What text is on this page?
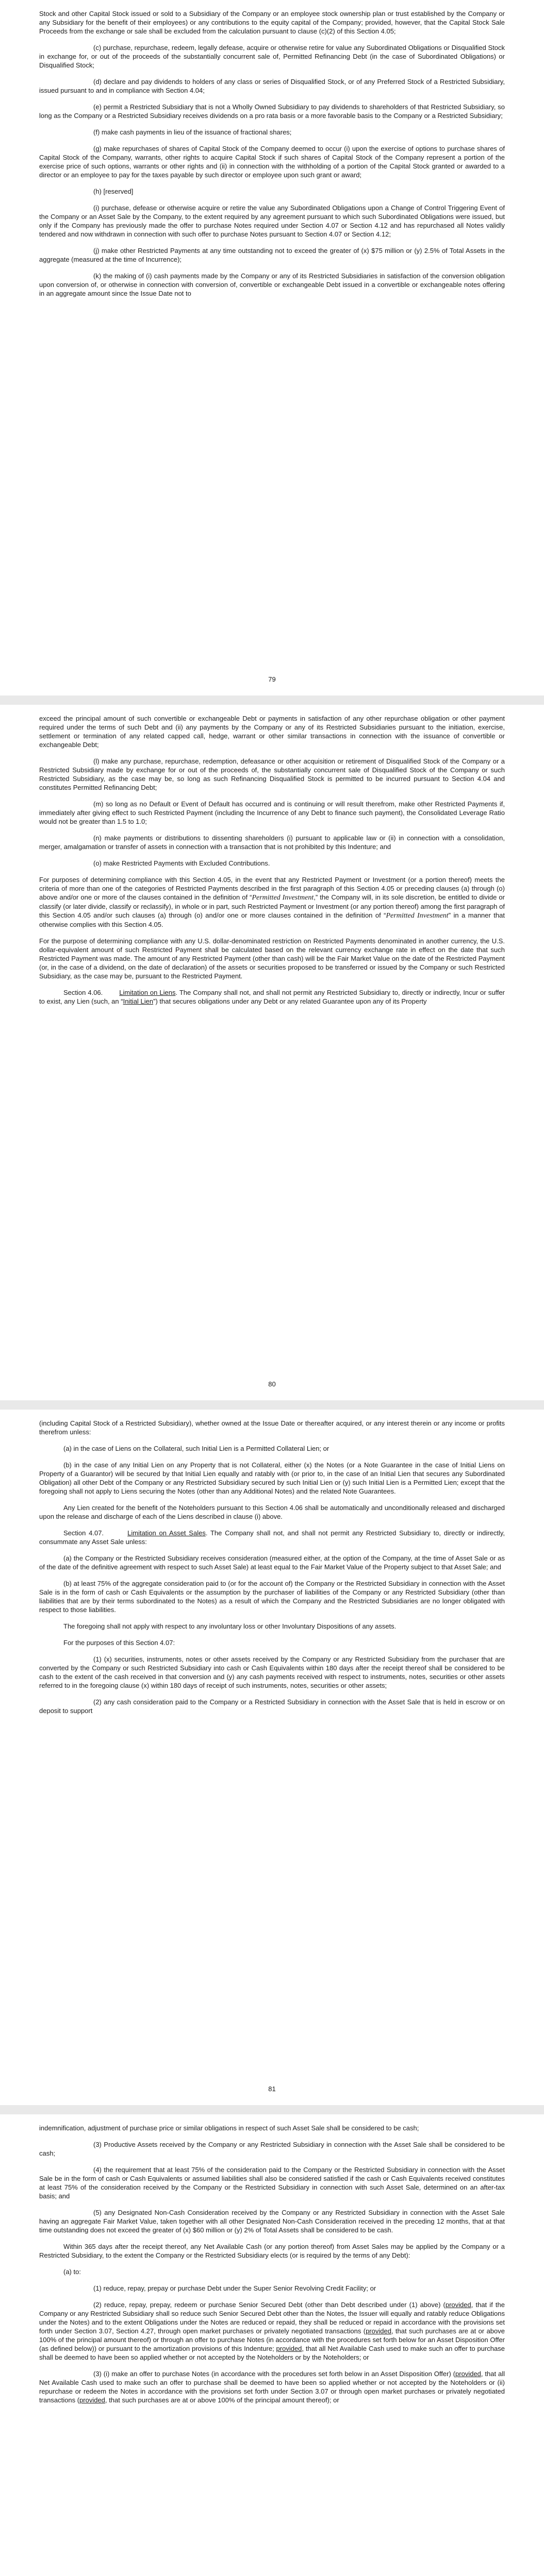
Stock and other Capital Stock issued or sold to a Subsidiary of the Company or an employee stock ownership plan or trust established by the Company or any Subsidiary for the benefit of their employees) or any contributions to the equity capital of the Company; provided, however, that the Capital Stock Sale Proceeds from the exchange or sale shall be excluded from the calculation pursuant to clause (c)(2) of this Section 4.05;

(c) purchase, repurchase, redeem, legally defease, acquire or otherwise retire for value any Subordinated Obligations or Disqualified Stock in exchange for, or out of the proceeds of the substantially concurrent sale of, Permitted Refinancing Debt (in the case of Subordinated Obligations) or Disqualified Stock;

(d) declare and pay dividends to holders of any class or series of Disqualified Stock, or of any Preferred Stock of a Restricted Subsidiary, issued pursuant to and in compliance with Section 4.04;

(e) permit a Restricted Subsidiary that is not a Wholly Owned Subsidiary to pay dividends to shareholders of that Restricted Subsidiary, so long as the Company or a Restricted Subsidiary receives dividends on a pro rata basis or a more favorable basis to the Company or a Restricted Subsidiary;

(f) make cash payments in lieu of the issuance of fractional shares;

(g) make repurchases of shares of Capital Stock of the Company deemed to occur (i) upon the exercise of options to purchase shares of Capital Stock of the Company, warrants, other rights to acquire Capital Stock if such shares of Capital Stock of the Company represent a portion of the exercise price of such options, warrants or other rights and (ii) in connection with the withholding of a portion of the Capital Stock granted or awarded to a director or an employee to pay for the taxes payable by such director or employee upon such grant or award;

(h) [reserved]

(i) purchase, defease or otherwise acquire or retire the value any Subordinated Obligations upon a Change of Control Triggering Event of the Company or an Asset Sale by the Company, to the extent required by any agreement pursuant to which such Subordinated Obligations were issued, but only if the Company has previously made the offer to purchase Notes required under Section 4.07 or Section 4.12 and has repurchased all Notes validly tendered and now withdrawn in connection with such offer to purchase Notes pursuant to Section 4.07 or Section 4.12;

(j) make other Restricted Payments at any time outstanding not to exceed the greater of (x) $75 million or (y) 2.5% of Total Assets in the aggregate (measured at the time of Incurrence);

(k) the making of (i) cash payments made by the Company or any of its Restricted Subsidiaries in satisfaction of the conversion obligation upon conversion of, or otherwise in connection with conversion of, convertible or exchangeable Debt issued in a convertible or exchangeable notes offering in an aggregate amount since the Issue Date not to

79

exceed the principal amount of such convertible or exchangeable Debt or payments in satisfaction of any other repurchase obligation or other payment required under the terms of such Debt and (ii) any payments by the Company or any of its Restricted Subsidiaries pursuant to the initiation, exercise, settlement or termination of any related capped call, hedge, warrant or other similar transactions in connection with the issuance of convertible or exchangeable Debt;

(l) make any purchase, repurchase, redemption, defeasance or other acquisition or retirement of Disqualified Stock of the Company or a Restricted Subsidiary made by exchange for or out of the proceeds of, the substantially concurrent sale of Disqualified Stock of the Company or such Restricted Subsidiary, as the case may be, so long as such Refinancing Disqualified Stock is permitted to be incurred pursuant to Section 4.04 and constitutes Permitted Refinancing Debt;

(m) so long as no Default or Event of Default has occurred and is continuing or will result therefrom, make other Restricted Payments if, immediately after giving effect to such Restricted Payment (including the Incurrence of any Debt to finance such payment), the Consolidated Leverage Ratio would not be greater than 1.5 to 1.0;

(n) make payments or distributions to dissenting shareholders (i) pursuant to applicable law or (ii) in connection with a consolidation, merger, amalgamation or transfer of assets in connection with a transaction that is not prohibited by this Indenture; and

(o) make Restricted Payments with Excluded Contributions.

For purposes of determining compliance with this Section 4.05, in the event that any Restricted Payment or Investment (or a portion thereof) meets the criteria of more than one of the categories of Restricted Payments described in the first paragraph of this Section 4.05 or preceding clauses (a) through (o) above and/or one or more of the clauses contained in the definition of “Permitted Investment,” the Company will, in its sole discretion, be entitled to divide or classify (or later divide, classify or reclassify), in whole or in part, such Restricted Payment or Investment (or any portion thereof) among the first paragraph of this Section 4.05 and/or such clauses (a) through (o) and/or one or more clauses contained in the definition of “Permitted Investment” in a manner that otherwise complies with this Section 4.05.

For the purpose of determining compliance with any U.S. dollar-denominated restriction on Restricted Payments denominated in another currency, the U.S. dollar-equivalent amount of such Restricted Payment shall be calculated based on the relevant currency exchange rate in effect on the date that such Restricted Payment was made. The amount of any Restricted Payment (other than cash) will be the Fair Market Value on the date of the Restricted Payment (or, in the case of a dividend, on the date of declaration) of the assets or securities proposed to be transferred or issued by the Company or such Restricted Subsidiary, as the case may be, pursuant to the Restricted Payment.

Section 4.06.        Limitation on Liens. The Company shall not, and shall not permit any Restricted Subsidiary to, directly or indirectly, Incur or suffer to exist, any Lien (such, an “Initial Lien”) that secures obligations under any Debt or any related Guarantee upon any of its Property

80

(including Capital Stock of a Restricted Subsidiary), whether owned at the Issue Date or thereafter acquired, or any interest therein or any income or profits therefrom unless:

(a) in the case of Liens on the Collateral, such Initial Lien is a Permitted Collateral Lien; or

(b) in the case of any Initial Lien on any Property that is not Collateral, either (x) the Notes (or a Note Guarantee in the case of Initial Liens on Property of a Guarantor) will be secured by that Initial Lien equally and ratably with (or prior to, in the case of an Initial Lien that secures any Subordinated Obligation) all other Debt of the Company or any Restricted Subsidiary secured by such Initial Lien or (y) such Initial Lien is a Permitted Lien; except that the foregoing shall not apply to Liens securing the Notes (other than any Additional Notes) and the related Note Guarantees.

Any Lien created for the benefit of the Noteholders pursuant to this Section 4.06 shall be automatically and unconditionally released and discharged upon the release and discharge of each of the Liens described in clause (i) above.

Section 4.07.        Limitation on Asset Sales. The Company shall not, and shall not permit any Restricted Subsidiary to, directly or indirectly, consummate any Asset Sale unless:

(a) the Company or the Restricted Subsidiary receives consideration (measured either, at the option of the Company, at the time of Asset Sale or as of the date of the definitive agreement with respect to such Asset Sale) at least equal to the Fair Market Value of the Property subject to that Asset Sale; and

(b) at least 75% of the aggregate consideration paid to (or for the account of) the Company or the Restricted Subsidiary in connection with the Asset Sale is in the form of cash or Cash Equivalents or the assumption by the purchaser of liabilities of the Company or any Restricted Subsidiary (other than liabilities that are by their terms subordinated to the Notes) as a result of which the Company and the Restricted Subsidiaries are no longer obligated with respect to those liabilities.

The foregoing shall not apply with respect to any involuntary loss or other Involuntary Dispositions of any assets.

For the purposes of this Section 4.07:

(1) (x) securities, instruments, notes or other assets received by the Company or any Restricted Subsidiary from the purchaser that are converted by the Company or such Restricted Subsidiary into cash or Cash Equivalents within 180 days after the receipt thereof shall be considered to be cash to the extent of the cash received in that conversion and (y) any cash payments received with respect to instruments, notes, securities or other assets referred to in the foregoing clause (x) within 180 days of receipt of such instruments, notes, securities or other assets;

(2) any cash consideration paid to the Company or a Restricted Subsidiary in connection with the Asset Sale that is held in escrow or on deposit to support

81

indemnification, adjustment of purchase price or similar obligations in respect of such Asset Sale shall be considered to be cash;

(3) Productive Assets received by the Company or any Restricted Subsidiary in connection with the Asset Sale shall be considered to be cash;

(4) the requirement that at least 75% of the consideration paid to the Company or the Restricted Subsidiary in connection with the Asset Sale be in the form of cash or Cash Equivalents or assumed liabilities shall also be considered satisfied if the cash or Cash Equivalents received constitutes at least 75% of the consideration received by the Company or the Restricted Subsidiary in connection with such Asset Sale, determined on an after-tax basis; and

(5) any Designated Non-Cash Consideration received by the Company or any Restricted Subsidiary in connection with the Asset Sale having an aggregate Fair Market Value, taken together with all other Designated Non-Cash Consideration received in the preceding 12 months, that at that time outstanding does not exceed the greater of (x) $60 million or (y) 2% of Total Assets shall be considered to be cash.

Within 365 days after the receipt thereof, any Net Available Cash (or any portion thereof) from Asset Sales may be applied by the Company or a Restricted Subsidiary, to the extent the Company or the Restricted Subsidiary elects (or is required by the terms of any Debt):

(a) to:

(1) reduce, repay, prepay or purchase Debt under the Super Senior Revolving Credit Facility; or

(2) reduce, repay, prepay, redeem or purchase Senior Secured Debt (other than Debt described under (1) above) (provided, that if the Company or any Restricted Subsidiary shall so reduce such Senior Secured Debt other than the Notes, the Issuer will equally and ratably reduce Obligations under the Notes) and to the extent Obligations under the Notes are reduced or repaid, they shall be reduced or repaid in accordance with the provisions set forth under Section 3.07, Section 4.27, through open market purchases or privately negotiated transactions (provided, that such purchases are at or above 100% of the principal amount thereof) or through an offer to purchase Notes (in accordance with the procedures set forth below for an Asset Disposition Offer (as defined below)) or pursuant to the amortization provisions of this Indenture; provided, that all Net Available Cash used to make such an offer to purchase shall be deemed to have been so applied whether or not accepted by the Noteholders or by the Noteholders; or

(3) (i) make an offer to purchase Notes (in accordance with the procedures set forth below in an Asset Disposition Offer) (provided, that all Net Available Cash used to make such an offer to purchase shall be deemed to have been so applied whether or not accepted by the Noteholders or (ii) repurchase or redeem the Notes in accordance with the provisions set forth under Section 3.07 or through open market purchases or privately negotiated transactions (provided, that such purchases are at or above 100% of the principal amount thereof); or
